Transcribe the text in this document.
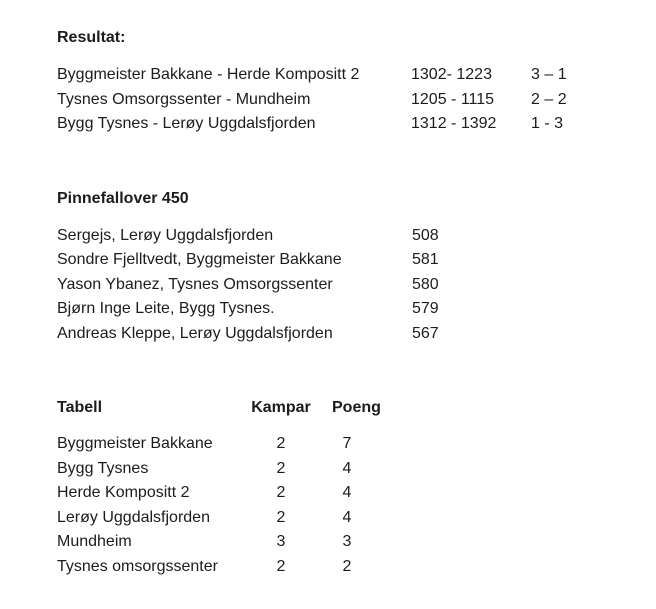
Resultat:
Byggmeister Bakkane - Herde Kompositt 2	1302- 1223	3 – 1
Tysnes Omsorgssenter - Mundheim	1205 - 1115	2 – 2
Bygg Tysnes - Lerøy Uggdalsfjorden	1312 - 1392	1 - 3
Pinnefallover 450
Sergejs, Lerøy Uggdalsfjorden	508
Sondre Fjelltvedt, Byggmeister Bakkane	581
Yason Ybanez, Tysnes Omsorgssenter	580
Bjørn Inge Leite, Bygg Tysnes.	579
Andreas Kleppe, Lerøy Uggdalsfjorden	567
Tabell	Kampar Poeng
Byggmeister Bakkane	2	7
Bygg Tysnes	2	4
Herde Kompositt 2	2	4
Lerøy Uggdalsfjorden	2	4
Mundheim	3	3
Tysnes omsorgssenter	2	2
